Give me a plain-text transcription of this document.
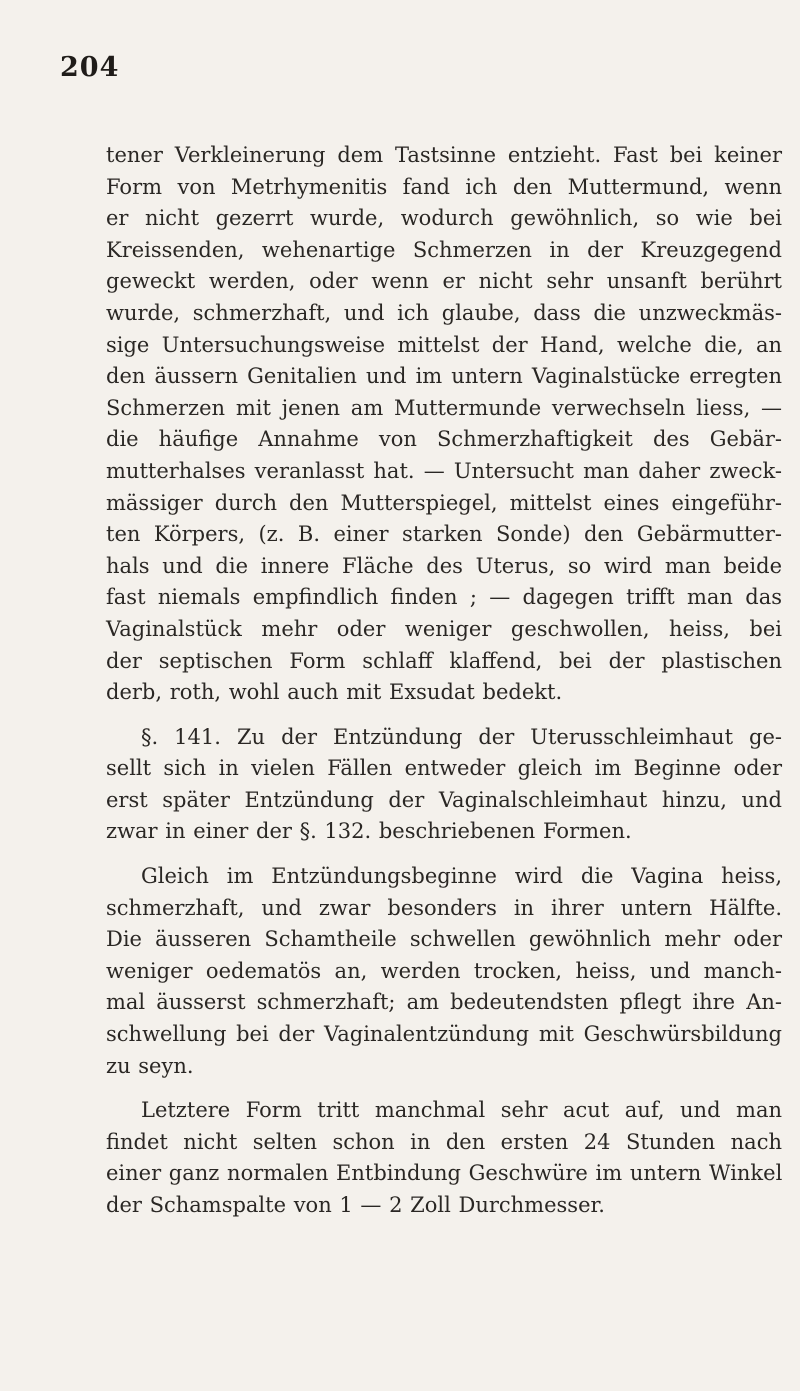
204
tener Verkleinerung dem Tastsinne entzieht. Fast bei keiner
Form von Metrhymenitis fand ich den Muttermund, wenn
er nicht gezerrt wurde, wodurch gewöhnlich, so wie bei
Kreissenden, wehenartige Schmerzen in der Kreuzgegend
geweckt werden, oder wenn er nicht sehr unsanft berührt
wurde, schmerzhaft, und ich glaube, dass die unzweckmäs-
sige Untersuchungsweise mittelst der Hand, welche die, an
den äussern Genitalien und im untern Vaginalstücke erregten
Schmerzen mit jenen am Muttermunde verwechseln liess, —
die häufige Annahme von Schmerzhaftigkeit des Gebär-
mutterhalses veranlasst hat. — Untersucht man daher zweck-
mässiger durch den Mutterspiegel, mittelst eines eingeführ-
ten Körpers, (z. B. einer starken Sonde) den Gebärmutter-
hals und die innere Fläche des Uterus, so wird man beide
fast niemals empfindlich finden ; — dagegen trifft man das
Vaginalstück mehr oder weniger geschwollen, heiss, bei
der septischen Form schlaff klaffend, bei der plastischen
derb, roth, wohl auch mit Exsudat bedekt.
§. 141. Zu der Entzündung der Uterusschleimhaut ge-
sellt sich in vielen Fällen entweder gleich im Beginne oder
erst später Entzündung der Vaginalschleimhaut hinzu, und
zwar in einer der §. 132. beschriebenen Formen.
Gleich im Entzündungsbeginne wird die Vagina heiss,
schmerzhaft, und zwar besonders in ihrer untern Hälfte.
Die äusseren Schamtheile schwellen gewöhnlich mehr oder
weniger oedematös an, werden trocken, heiss, und manch-
mal äusserst schmerzhaft; am bedeutendsten pflegt ihre An-
schwellung bei der Vaginalentzündung mit Geschwürsbildung
zu seyn.
Letztere Form tritt manchmal sehr acut auf, und man
findet nicht selten schon in den ersten 24 Stunden nach
einer ganz normalen Entbindung Geschwüre im untern Winkel
der Schamspalte von 1 — 2 Zoll Durchmesser.
